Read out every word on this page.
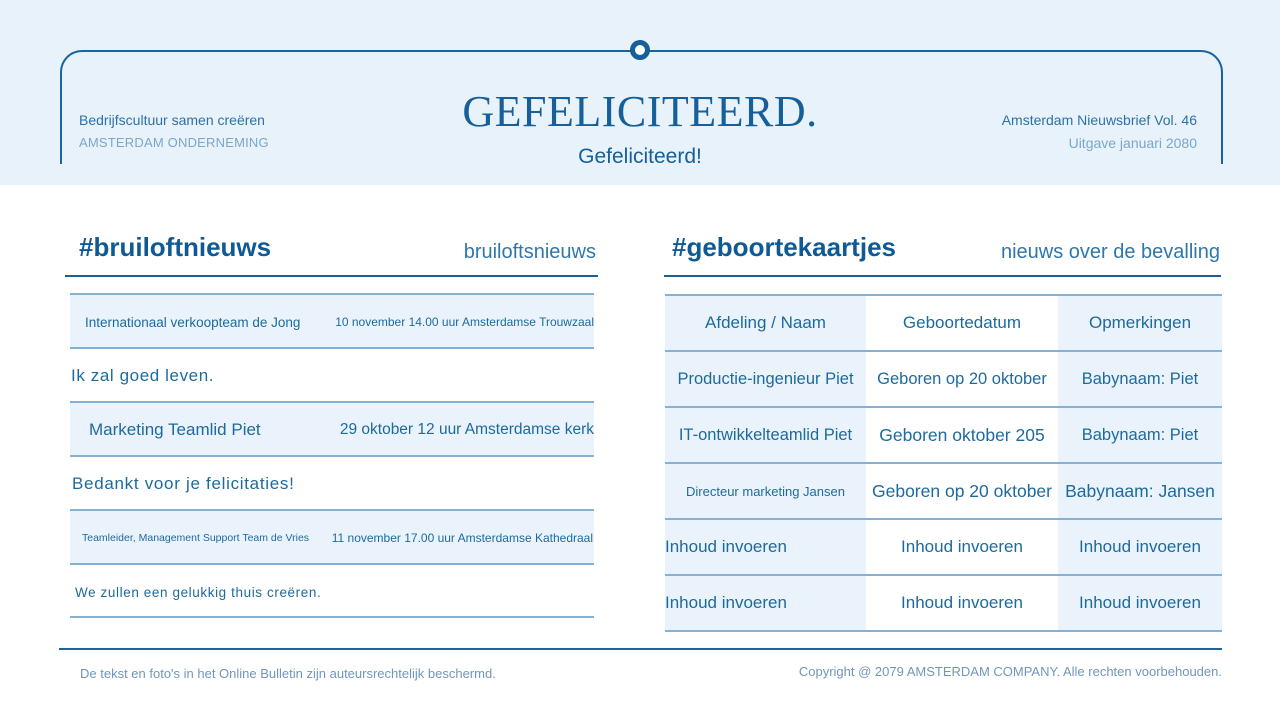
Bedrijfscultuur samen creëren
AMSTERDAM ONDERNEMING
GEFELICITEERD.
Gefeliciteerd!
Amsterdam Nieuwsbrief Vol. 46
Uitgave januari 2080
#bruiloftnieuws	bruiloftsnieuws
Internationaal verkoopteam de Jong	10 november 14.00 uur Amsterdamse Trouwzaal
Ik zal goed leven.
Marketing Teamlid Piet	29 oktober 12 uur Amsterdamse kerk
Bedankt voor je felicitaties!
Teamleider, Management Support Team de Vries 11 november 17.00 uur Amsterdamse Kathedraal
We zullen een gelukkig thuis creëren.
#geboortekaartjes	nieuws over de bevalling
Afdeling / Naam	Geboortedatum	Opmerkingen
Productie-ingenieur Piet	Geboren op 20 oktober	Babynaam: Piet
IT-ontwikkelteamlid Piet	Geboren oktober 205	Babynaam: Piet
Directeur marketing Jansen	Geboren op 20 oktober Babynaam: Jansen
Inhoud invoeren	Inhoud invoeren	Inhoud invoeren
Inhoud invoeren	Inhoud invoeren	Inhoud invoeren
De tekst en foto's in het Online Bulletin zijn auteursrechtelijk beschermd.	Copyright @ 2079 AMSTERDAM COMPANY. Alle rechten voorbehouden.
